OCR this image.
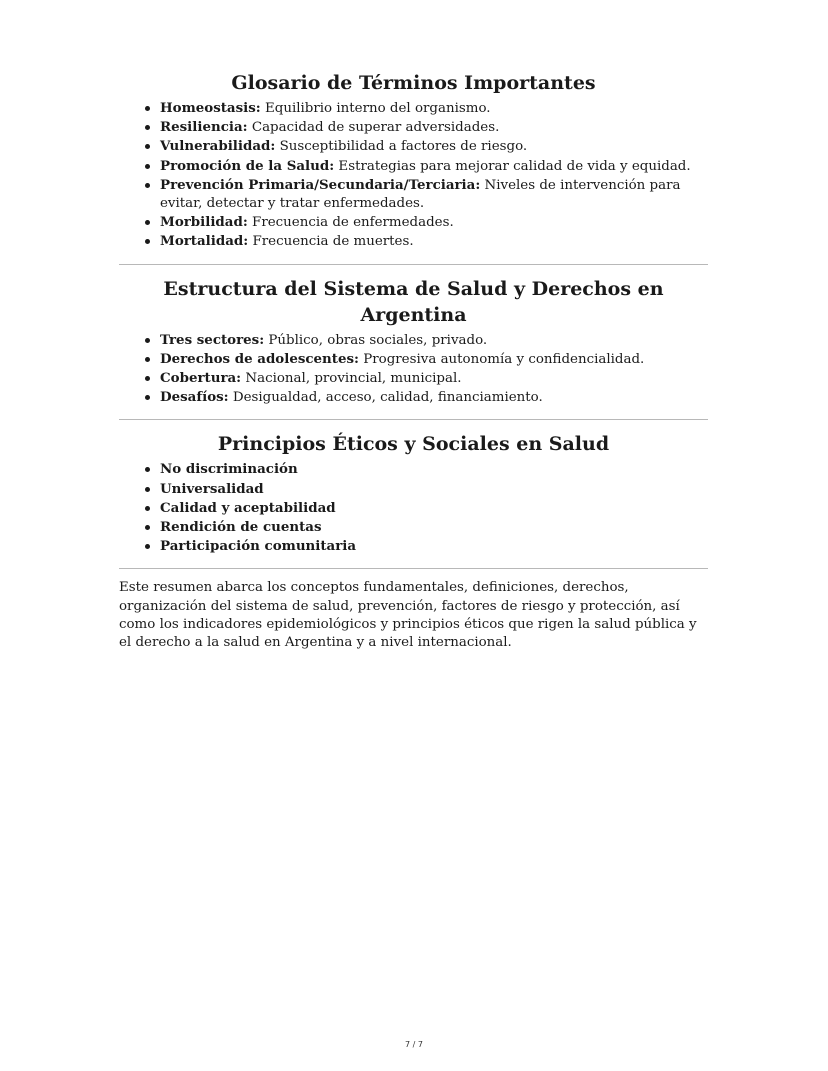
Glosario de Términos Importantes
Homeostasis: Equilibrio interno del organismo.
Resiliencia: Capacidad de superar adversidades.
Vulnerabilidad: Susceptibilidad a factores de riesgo.
Promoción de la Salud: Estrategias para mejorar calidad de vida y equidad.
Prevención Primaria/Secundaria/Terciaria: Niveles de intervención para evitar, detectar y tratar enfermedades.
Morbilidad: Frecuencia de enfermedades.
Mortalidad: Frecuencia de muertes.
Estructura del Sistema de Salud y Derechos en Argentina
Tres sectores: Público, obras sociales, privado.
Derechos de adolescentes: Progresiva autonomía y confidencialidad.
Cobertura: Nacional, provincial, municipal.
Desafíos: Desigualdad, acceso, calidad, financiamiento.
Principios Éticos y Sociales en Salud
No discriminación
Universalidad
Calidad y aceptabilidad
Rendición de cuentas
Participación comunitaria

Este resumen abarca los conceptos fundamentales, definiciones, derechos, organización del sistema de salud, prevención, factores de riesgo y protección, así como los indicadores epidemiológicos y principios éticos que rigen la salud pública y el derecho a la salud en Argentina y a nivel internacional.

7 / 7
